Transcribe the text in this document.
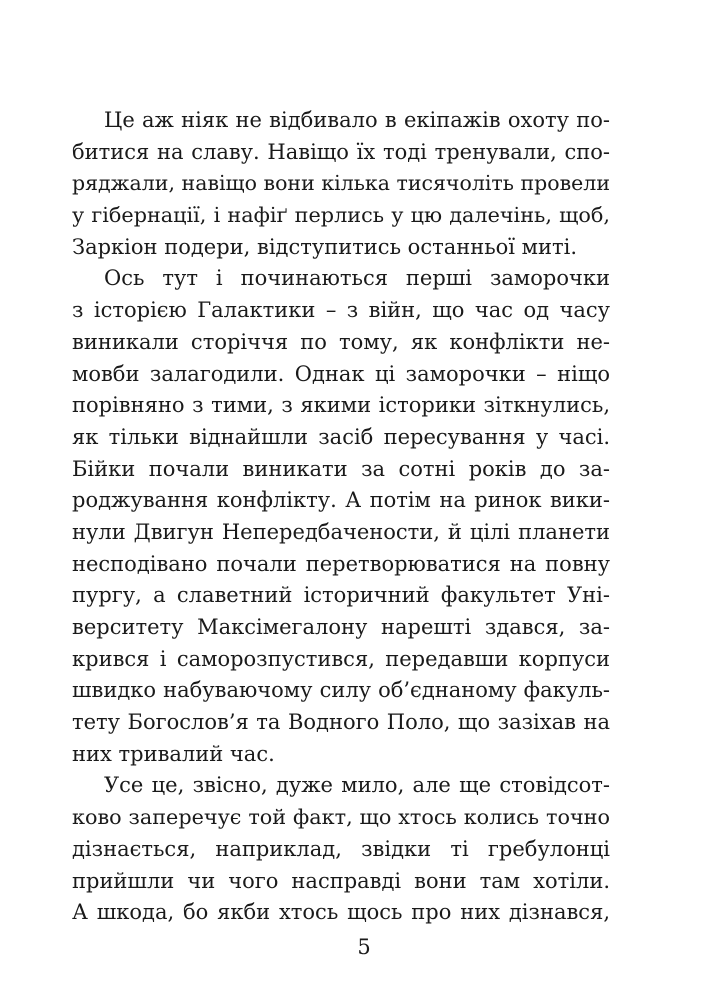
Це аж ніяк не відбивало в екіпажів охоту по-
битися на славу. Навіщо їх тоді тренували, спо-
ряджали, навіщо вони кілька тисячоліть провели
у гібернації, і нафіґ перлись у цю далечінь, щоб,
Заркіон подери, відступитись останньої миті.
Ось тут і починаються перші заморочки
з історією Галактики – з війн, що час од часу
виникали сторіччя по тому, як конфлікти не-
мовби залагодили. Однак ці заморочки – ніщо
порівняно з тими, з якими історики зіткнулись,
як тільки віднайшли засіб пересування у часі.
Бійки почали виникати за сотні років до за-
роджування конфлікту. А потім на ринок вики-
нули Двигун Непередбачености, й цілі планети
несподівано почали перетворюватися на повну
пургу, а славетний історичний факультет Уні-
верситету Максімегалону нарешті здався, за-
крився і саморозпустився, передавши корпуси
швидко набуваючому силу об’єднаному факуль-
тету Богослов’я та Водного Поло, що зазіхав на
них тривалий час.
Усе це, звісно, дуже мило, але ще стовідсот-
ково заперечує той факт, що хтось колись точно
дізнається, наприклад, звідки ті гребулонці
прийшли чи чого насправді вони там хотіли.
А шкода, бо якби хтось щось про них дізнався,
5
